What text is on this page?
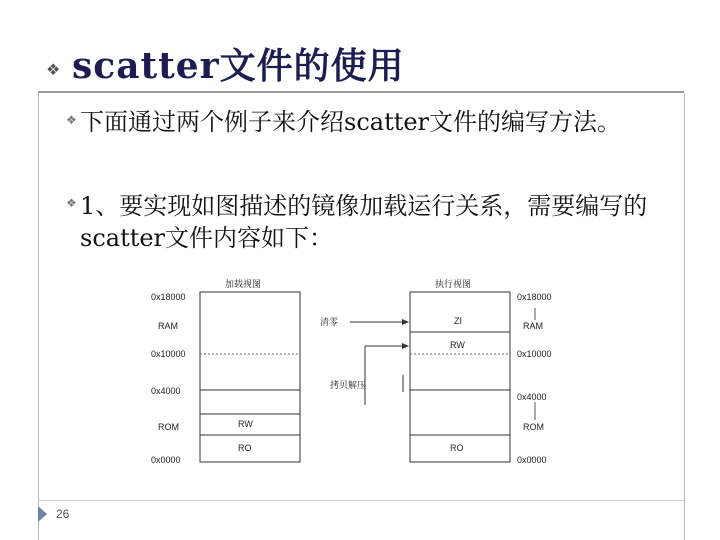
❖ scatter文件的使用
❖ 下面通过两个例子来介绍scatter文件的编写方法。
❖ 1、要实现如图描述的镜像加载运行关系，需要编写的scatter文件内容如下：
加载视图	执行视图
0x18000
0x10000
0x4000
0x0000
RAM
ROM
0x18000
0x10000
0x4000
0x0000
RAM
ROM
RW
RO
ZI
RW
RO
清零
拷贝解压
26
